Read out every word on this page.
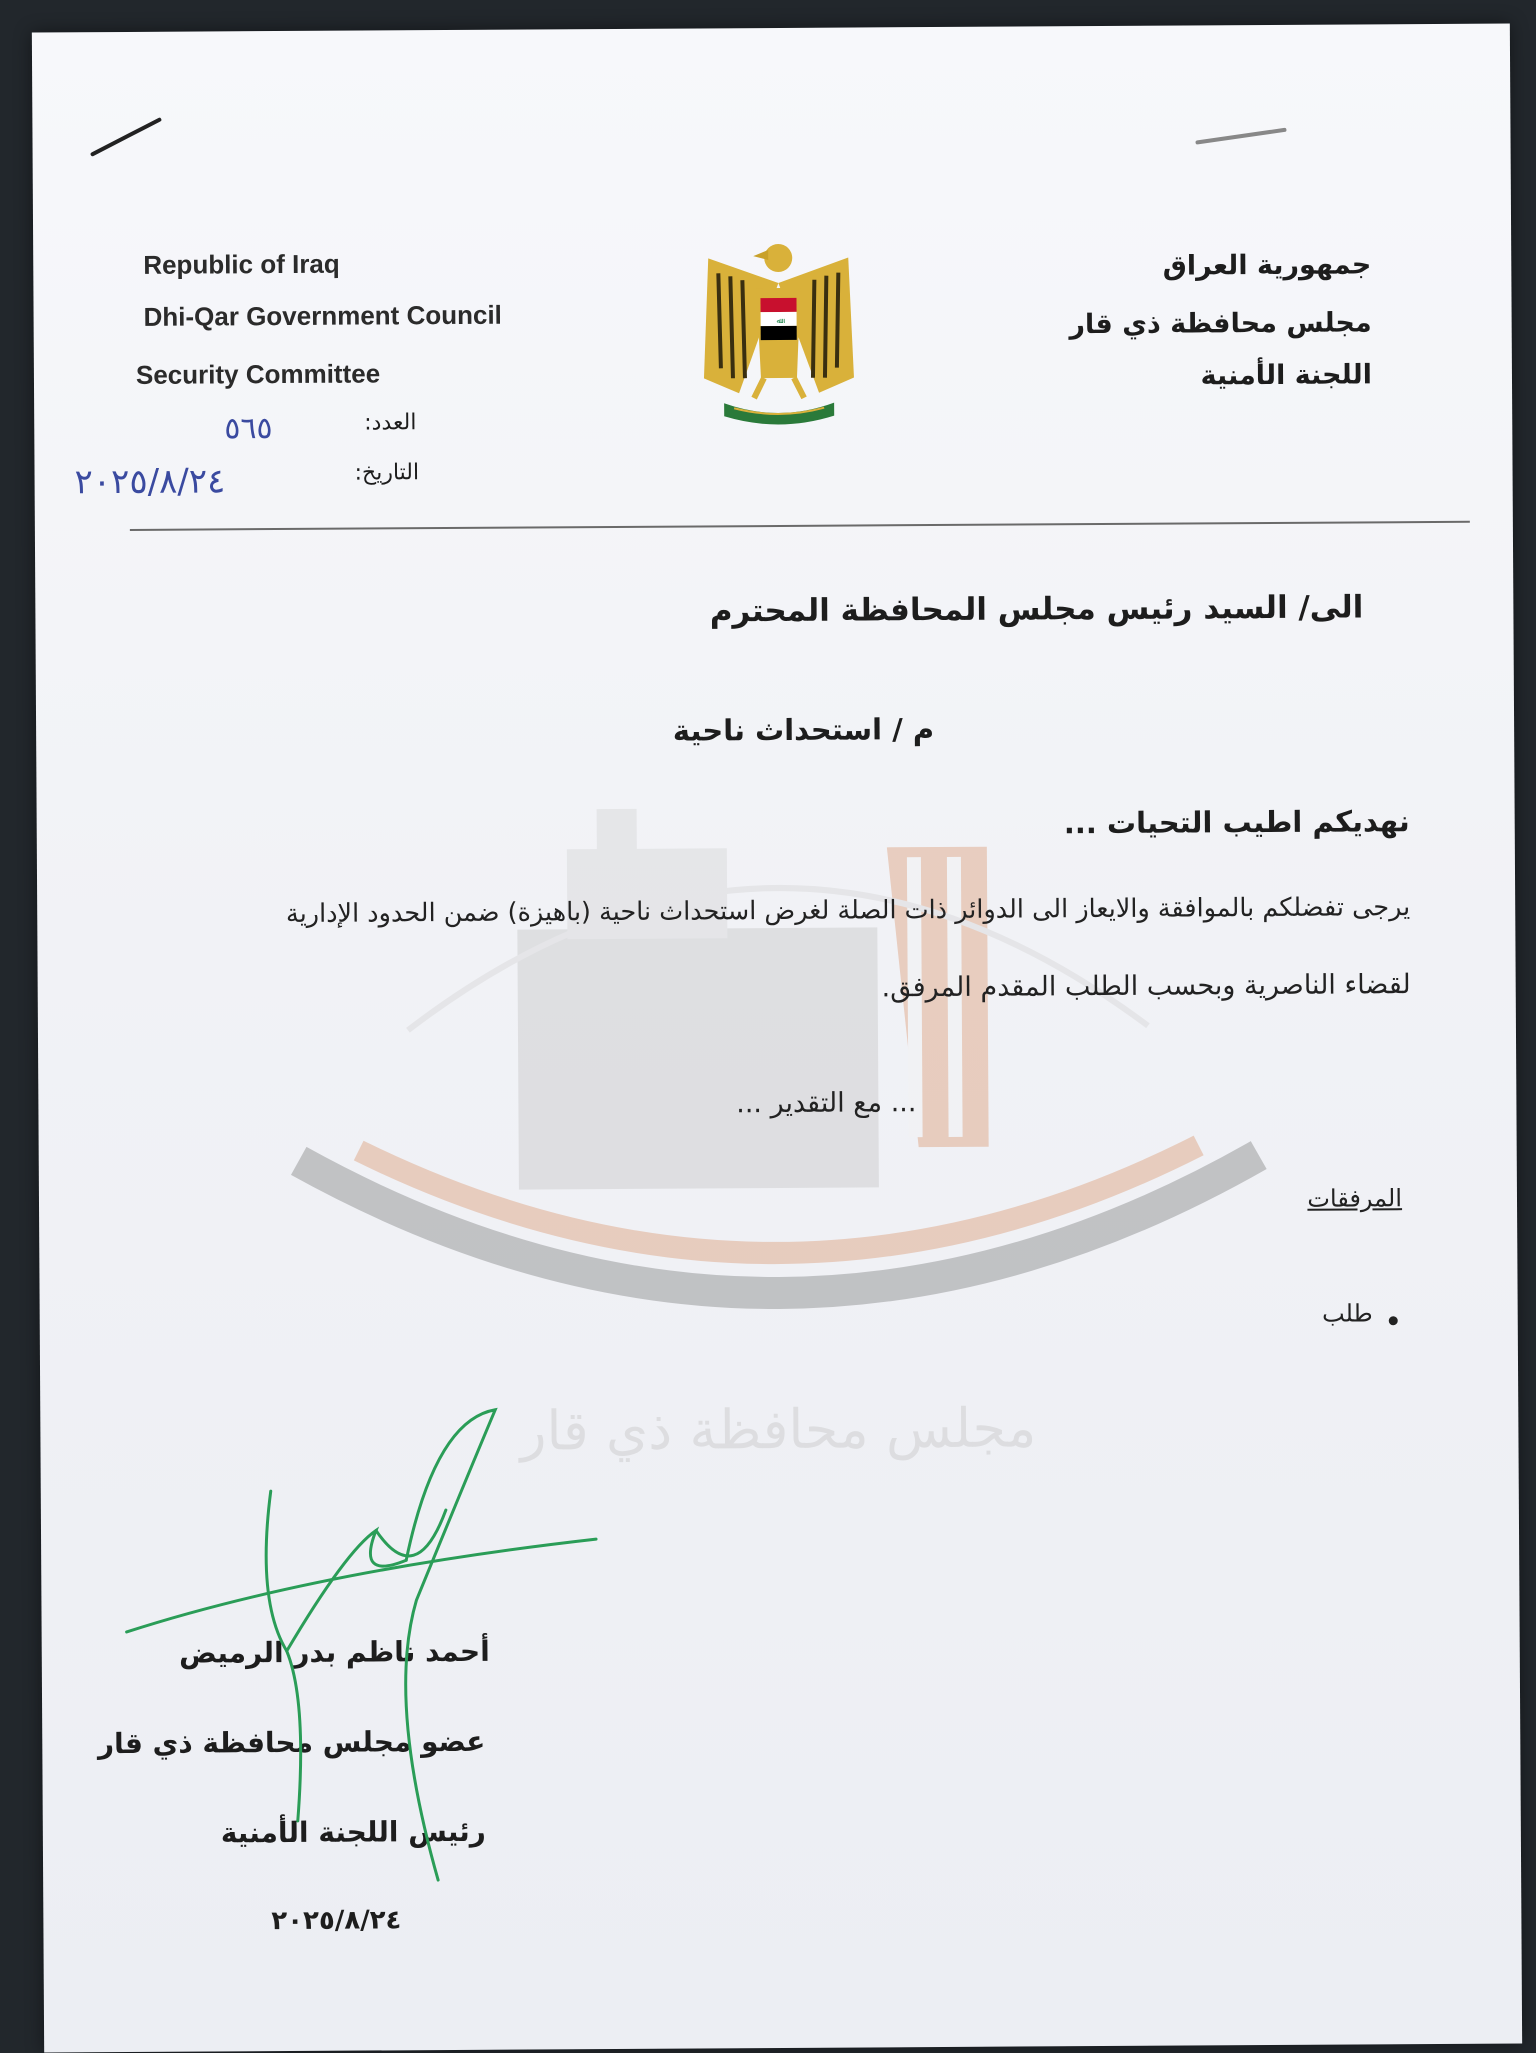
Republic of Iraq
Dhi-Qar Government Council
Security Committee
العدد:
٥٦٥
التاريخ:
٢٠٢٥/٨/٢٤
ﷲ
جمهورية العراق
مجلس محافظة ذي قار
اللجنة الأمنية
مجلس محافظة ذي قار
الى/ السيد رئيس مجلس المحافظة المحترم
م / استحداث ناحية
نهديكم اطيب التحيات ...
يرجى تفضلكم بالموافقة والايعاز الى الدوائر ذات الصلة لغرض استحداث ناحية (باهيزة) ضمن الحدود الإدارية
لقضاء الناصرية وبحسب الطلب المقدم المرفق.
... مع التقدير ...
المرفقات
طلب
أحمد ناظم بدر الرميض
عضو مجلس محافظة ذي قار
رئيس اللجنة الأمنية
٢٠٢٥/٨/٢٤
